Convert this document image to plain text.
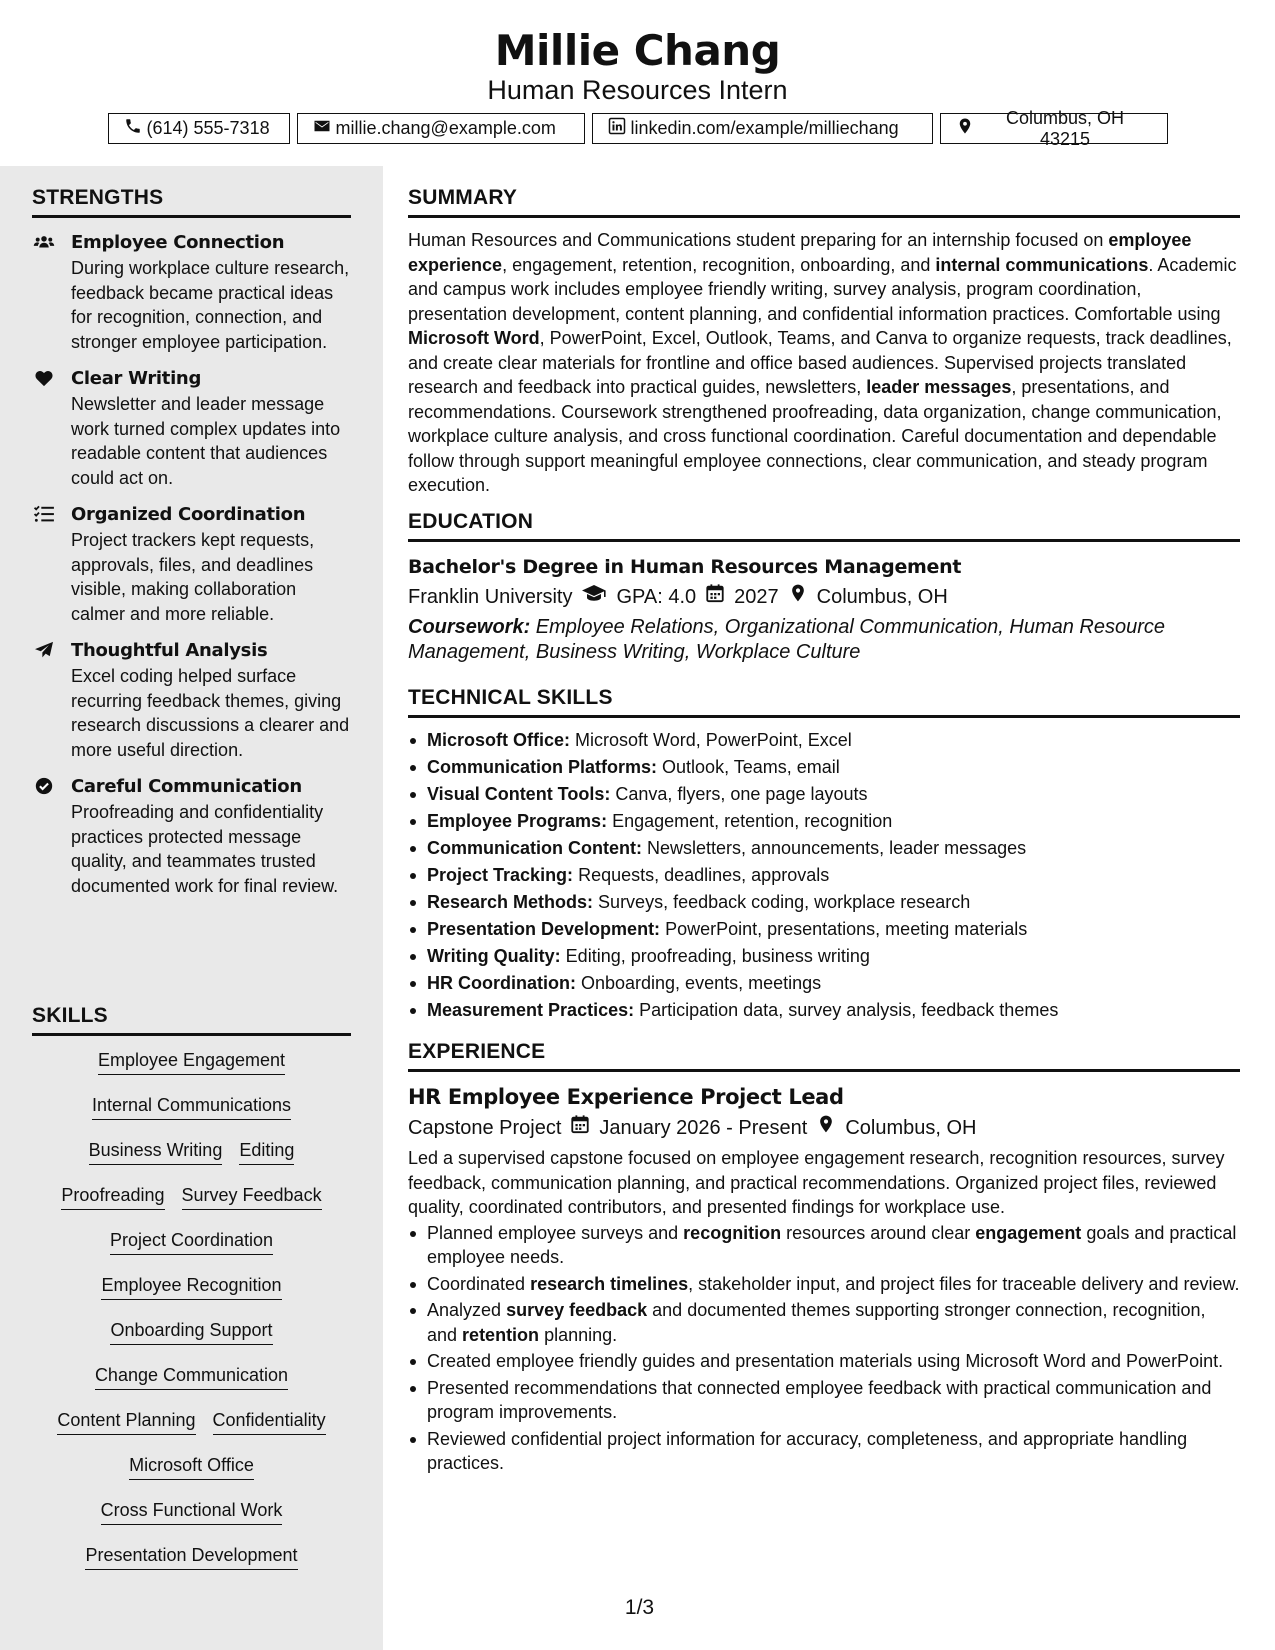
Millie Chang
Human Resources Intern
(614) 555-7318	millie.chang@example.com	linkedin.com/example/milliechang
Columbus, OH 43215
STRENGTHS
Employee Connection
During workplace culture research, feedback became practical ideas for recognition, connection, and stronger employee participation.
Clear Writing
Newsletter and leader message work turned complex updates into readable content that audiences could act on.
Organized Coordination
Project trackers kept requests, approvals, files, and deadlines visible, making collaboration calmer and more reliable.
Thoughtful Analysis
Excel coding helped surface recurring feedback themes, giving research discussions a clearer and more useful direction.
Careful Communication
Proofreading and confidentiality practices protected message quality, and teammates trusted documented work for final review.
SKILLS
Employee Engagement
Internal Communications
Business Writing Editing
Proofreading Survey Feedback
Project Coordination
Employee Recognition
Onboarding Support
Change Communication
Content Planning Confidentiality
Microsoft Office
Cross Functional Work
Presentation Development
SUMMARY
Human Resources and Communications student preparing for an internship focused on employee experience, engagement, retention, recognition, onboarding, and internal communications. Academic and campus work includes employee friendly writing, survey analysis, program coordination, presentation development, content planning, and confidential information practices. Comfortable using Microsoft Word, PowerPoint, Excel, Outlook, Teams, and Canva to organize requests, track deadlines, and create clear materials for frontline and office based audiences. Supervised projects translated research and feedback into practical guides, newsletters, leader messages, presentations, and recommendations. Coursework strengthened proofreading, data organization, change communication, workplace culture analysis, and cross functional coordination. Careful documentation and dependable follow through support meaningful employee connections, clear communication, and steady program execution.
EDUCATION
Bachelor's Degree in Human Resources Management
Franklin University GPA: 4.0 2027 Columbus, OH
Coursework: Employee Relations, Organizational Communication, Human Resource Management, Business Writing, Workplace Culture
TECHNICAL SKILLS
Microsoft Office: Microsoft Word, PowerPoint, Excel
Communication Platforms: Outlook, Teams, email
Visual Content Tools: Canva, flyers, one page layouts
Employee Programs: Engagement, retention, recognition
Communication Content: Newsletters, announcements, leader messages
Project Tracking: Requests, deadlines, approvals
Research Methods: Surveys, feedback coding, workplace research
Presentation Development: PowerPoint, presentations, meeting materials
Writing Quality: Editing, proofreading, business writing
HR Coordination: Onboarding, events, meetings
Measurement Practices: Participation data, survey analysis, feedback themes
EXPERIENCE
HR Employee Experience Project Lead
Capstone Project January 2026 - Present Columbus, OH
Led a supervised capstone focused on employee engagement research, recognition resources, survey feedback, communication planning, and practical recommendations. Organized project files, reviewed quality, coordinated contributors, and presented findings for workplace use.
Planned employee surveys and recognition resources around clear engagement goals and practical employee needs.
Coordinated research timelines, stakeholder input, and project files for traceable delivery and review.
Analyzed survey feedback and documented themes supporting stronger connection, recognition, and retention planning.
Created employee friendly guides and presentation materials using Microsoft Word and PowerPoint.
Presented recommendations that connected employee feedback with practical communication and program improvements.
Reviewed confidential project information for accuracy, completeness, and appropriate handling practices.
1/3
